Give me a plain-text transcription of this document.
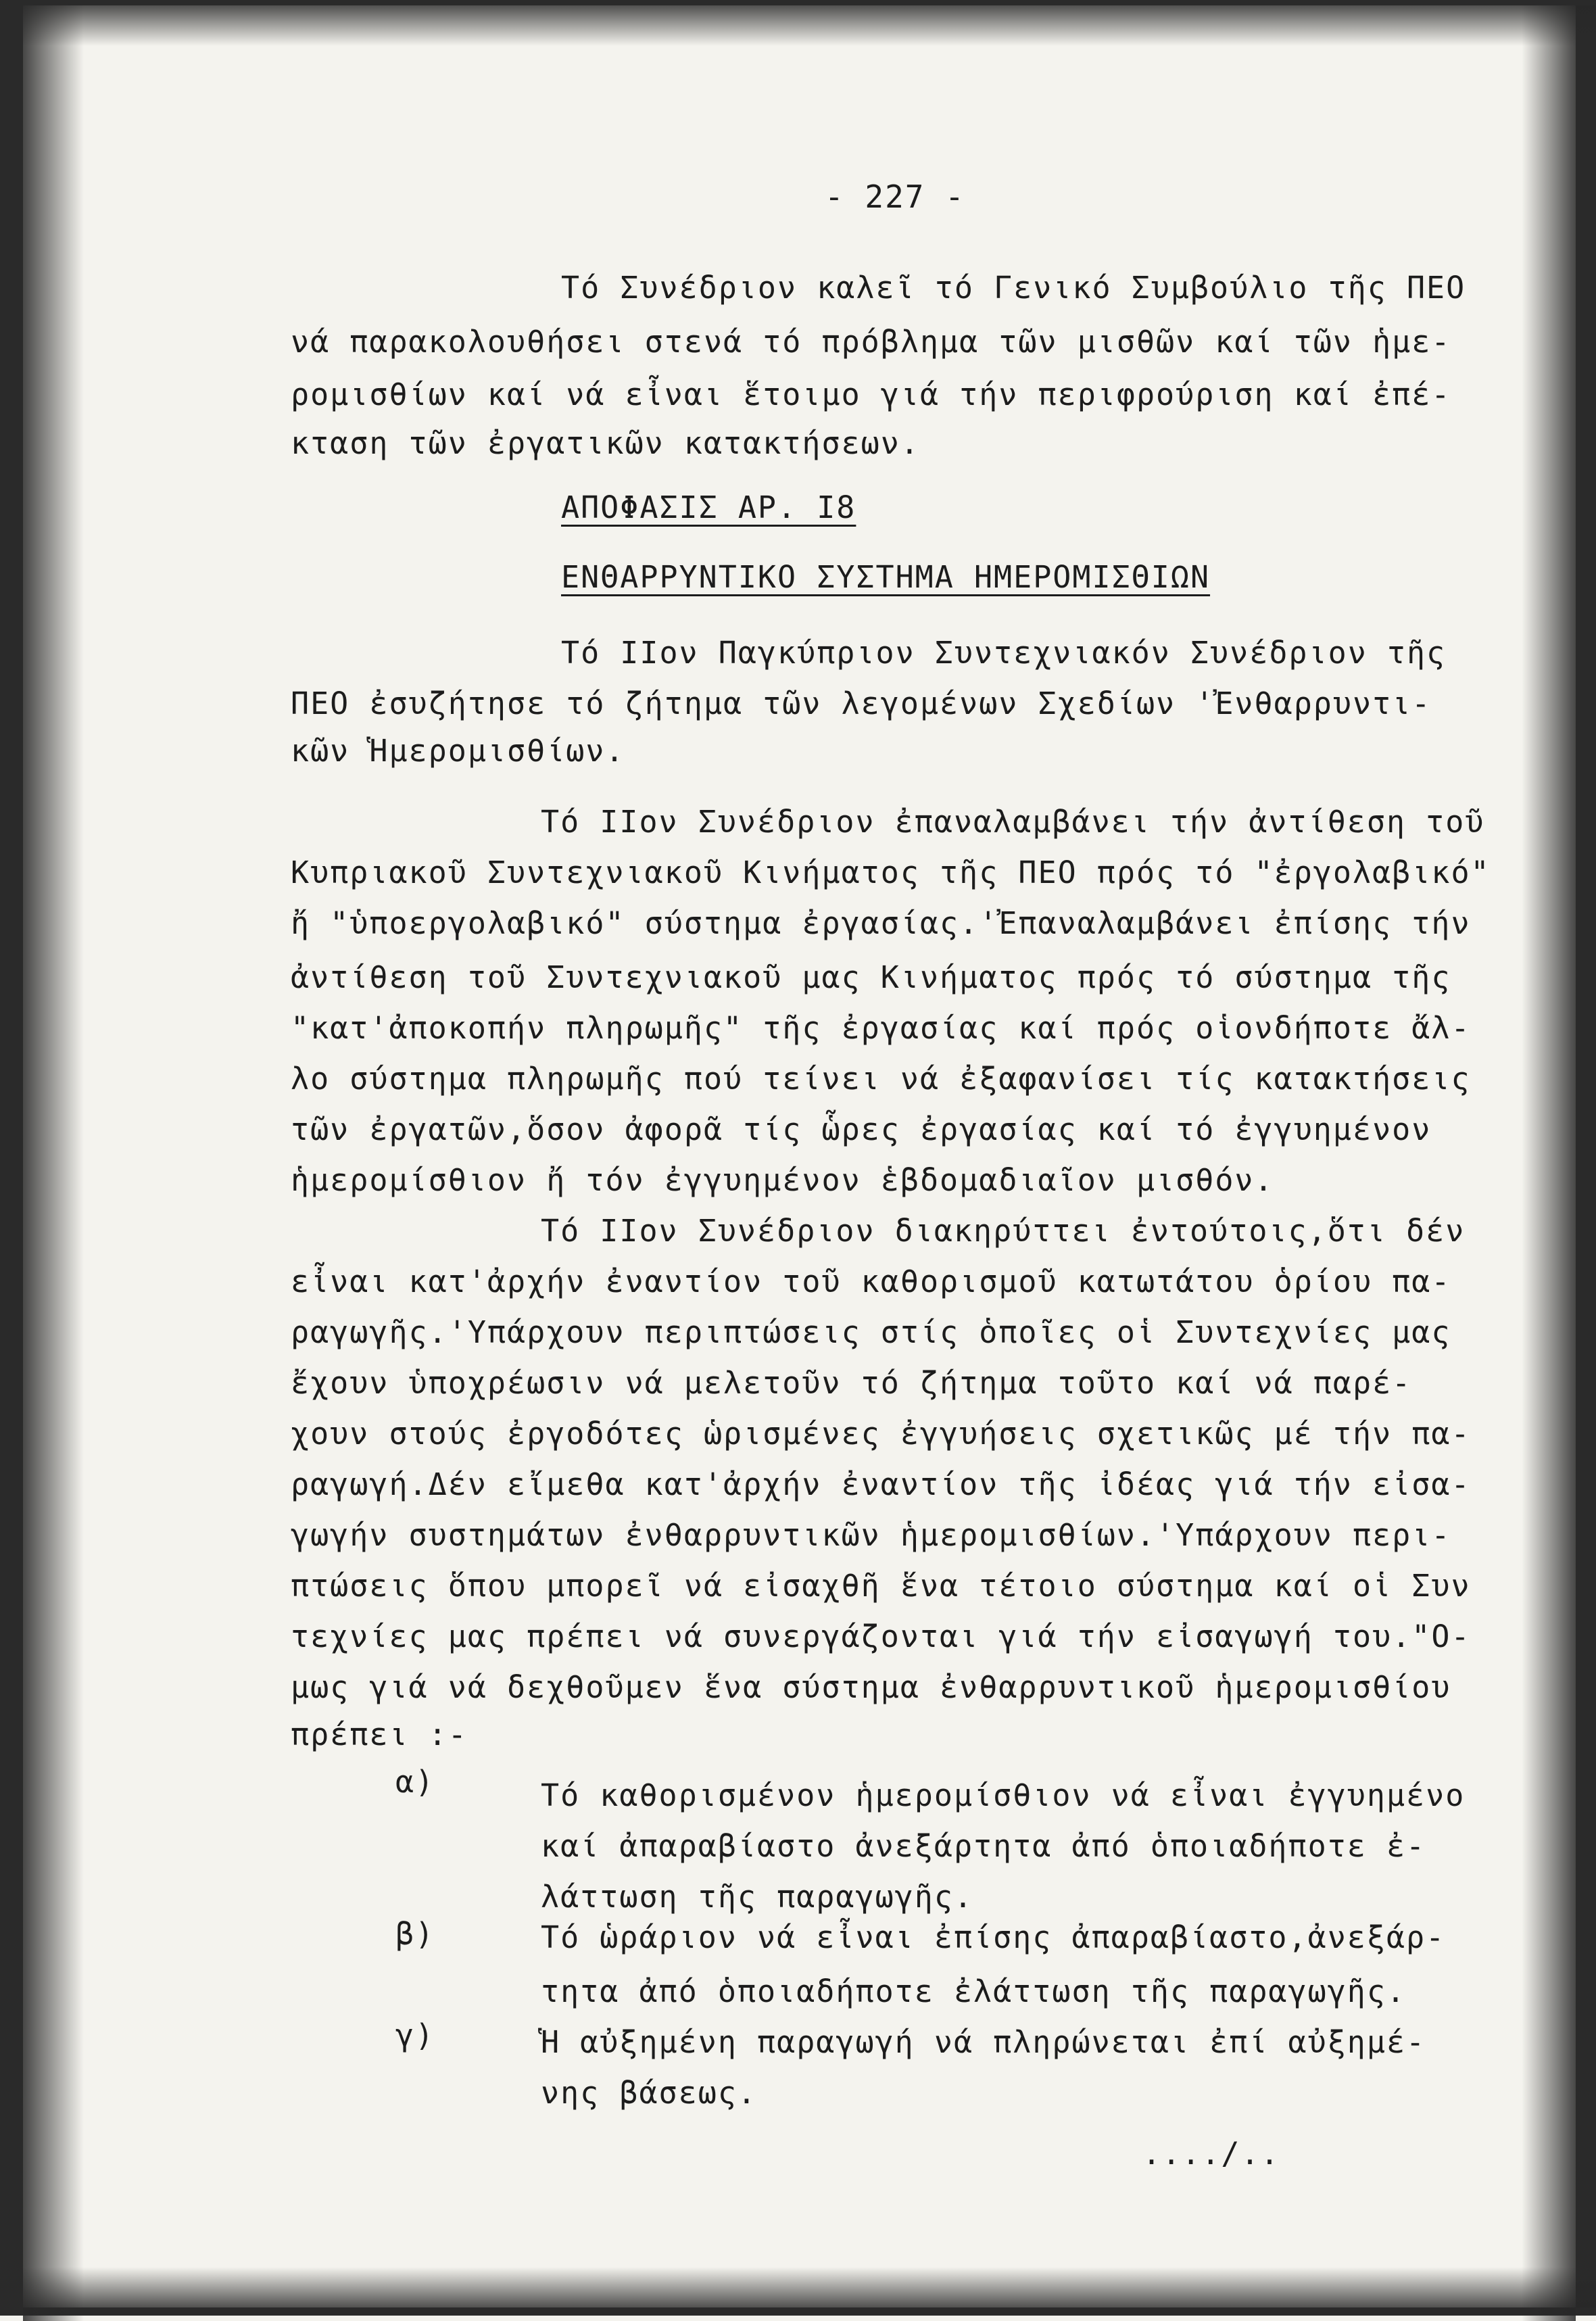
- 227 -
Τό Συνέδριον καλεῖ τό Γενικό Συμβούλιο τῆς ΠΕΟ
νά παρακολουθήσει στενά τό πρόβλημα τῶν μισθῶν καί τῶν ἡμε-
ρομισθίων καί νά εἶναι ἕτοιμο γιά τήν περιφρούριση καί ἐπέ-
κταση τῶν ἐργατικῶν κατακτήσεων.
ΑΠΟΦΑΣΙΣ ΑΡ. Ι8
ΕΝΘΑΡΡΥΝΤΙΚΟ ΣΥΣΤΗΜΑ ΗΜΕΡΟΜΙΣΘΙΩΝ
Τό ΙΙον Παγκύπριον Συντεχνιακόν Συνέδριον τῆς
ΠΕΟ ἐσυζήτησε τό ζήτημα τῶν λεγομένων Σχεδίων 'Ἐνθαρρυντι-
κῶν Ἡμερομισθίων.
Τό ΙΙον Συνέδριον ἐπαναλαμβάνει τήν ἀντίθεση τοῦ
Κυπριακοῦ Συντεχνιακοῦ Κινήματος τῆς ΠΕΟ πρός τό "ἐργολαβικό"
ἤ "ὑποεργολαβικό" σύστημα ἐργασίας.'Ἐπαναλαμβάνει ἐπίσης τήν
ἀντίθεση τοῦ Συντεχνιακοῦ μας Κινήματος πρός τό σύστημα τῆς
"κατ'ἀποκοπήν πληρωμῆς" τῆς ἐργασίας καί πρός οἱονδήποτε ἄλ-
λο σύστημα πληρωμῆς πού τείνει νά ἐξαφανίσει τίς κατακτήσεις
τῶν ἐργατῶν,ὅσον ἀφορᾶ τίς ὧρες ἐργασίας καί τό ἐγγυημένον
ἡμερομίσθιον ἤ τόν ἐγγυημένον ἑβδομαδιαῖον μισθόν.
Τό ΙΙον Συνέδριον διακηρύττει ἐντούτοις,ὅτι δέν
εἶναι κατ'ἀρχήν ἐναντίον τοῦ καθορισμοῦ κατωτάτου ὁρίου πα-
ραγωγῆς.'Υπάρχουν περιπτώσεις στίς ὁποῖες οἱ Συντεχνίες μας
ἔχουν ὑποχρέωσιν νά μελετοῦν τό ζήτημα τοῦτο καί νά παρέ-
χουν στούς ἐργοδότες ὡρισμένες ἐγγυήσεις σχετικῶς μέ τήν πα-
ραγωγή.Δέν εἴμεθα κατ'ἀρχήν ἐναντίον τῆς ἰδέας γιά τήν εἰσα-
γωγήν συστημάτων ἐνθαρρυντικῶν ἡμερομισθίων.'Υπάρχουν περι-
πτώσεις ὅπου μπορεῖ νά εἰσαχθῆ ἕνα τέτοιο σύστημα καί οἱ Συν
τεχνίες μας πρέπει νά συνεργάζονται γιά τήν εἰσαγωγή του."Ο-
μως γιά νά δεχθοῦμεν ἕνα σύστημα ἐνθαρρυντικοῦ ἡμερομισθίου
πρέπει :-
α)	Τό καθορισμένον ἡμερομίσθιον νά εἶναι ἐγγυημένο
καί ἀπαραβίαστο ἀνεξάρτητα ἀπό ὁποιαδήποτε ἐ-
λάττωση τῆς παραγωγῆς.
β)	Τό ὡράριον νά εἶναι ἐπίσης ἀπαραβίαστο,ἀνεξάρ-
τητα ἀπό ὁποιαδήποτε ἐλάττωση τῆς παραγωγῆς.
γ)	Ἡ αὐξημένη παραγωγή νά πληρώνεται ἐπί αὐξημέ-
νης βάσεως.
..../..
